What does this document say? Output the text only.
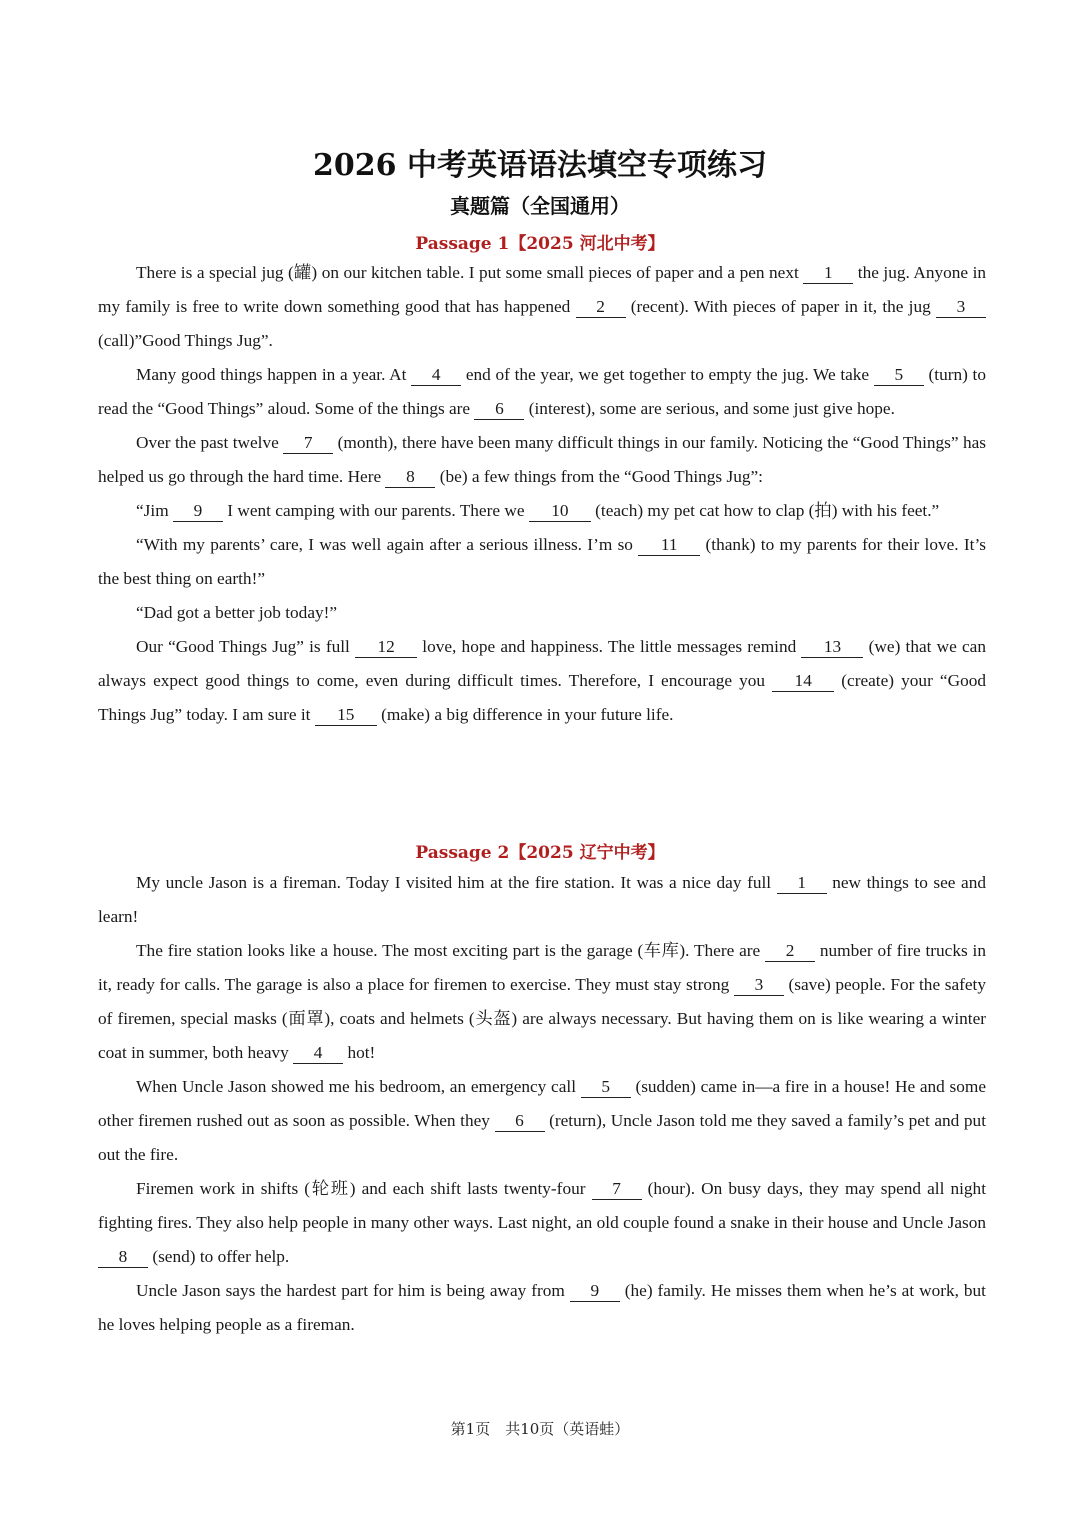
2026 中考英语语法填空专项练习
真题篇（全国通用）
Passage 1【2025 河北中考】

There is a special jug (罐) on our kitchen table. I put some small pieces of paper and a pen next 1 the jug. Anyone in my family is free to write down something good that has happened 2 (recent). With pieces of paper in it, the jug 3 (call)”Good Things Jug”.

Many good things happen in a year. At 4 end of the year, we get together to empty the jug. We take 5 (turn) to read the “Good Things” aloud. Some of the things are 6 (interest), some are serious, and some just give hope.

Over the past twelve 7 (month), there have been many difficult things in our family. Noticing the “Good Things” has helped us go through the hard time. Here 8 (be) a few things from the “Good Things Jug”:

“Jim 9 I went camping with our parents. There we 10 (teach) my pet cat how to clap (拍) with his feet.”

“With my parents’ care, I was well again after a serious illness. I’m so 11 (thank) to my parents for their love. It’s the best thing on earth!”

“Dad got a better job today!”

Our “Good Things Jug” is full 12 love, hope and happiness. The little messages remind 13 (we) that we can always expect good things to come, even during difficult times. Therefore, I encourage you 14 (create) your “Good Things Jug” today. I am sure it 15 (make) a big difference in your future life.

Passage 2【2025 辽宁中考】

My uncle Jason is a fireman. Today I visited him at the fire station. It was a nice day full 1 new things to see and learn!

The fire station looks like a house. The most exciting part is the garage (车库). There are 2 number of fire trucks in it, ready for calls. The garage is also a place for firemen to exercise. They must stay strong 3 (save) people. For the safety of firemen, special masks (面罩), coats and helmets (头盔) are always necessary. But having them on is like wearing a winter coat in summer, both heavy 4 hot!

When Uncle Jason showed me his bedroom, an emergency call 5 (sudden) came in—a fire in a house! He and some other firemen rushed out as soon as possible. When they 6 (return), Uncle Jason told me they saved a family’s pet and put out the fire.

Firemen work in shifts (轮班) and each shift lasts twenty-four 7 (hour). On busy days, they may spend all night fighting fires. They also help people in many other ways. Last night, an old couple found a snake in their house and Uncle Jason 8 (send) to offer help.

Uncle Jason says the hardest part for him is being away from 9 (he) family. He misses them when he’s at work, but he loves helping people as a fireman.

第1页　共10页（英语蛙）
